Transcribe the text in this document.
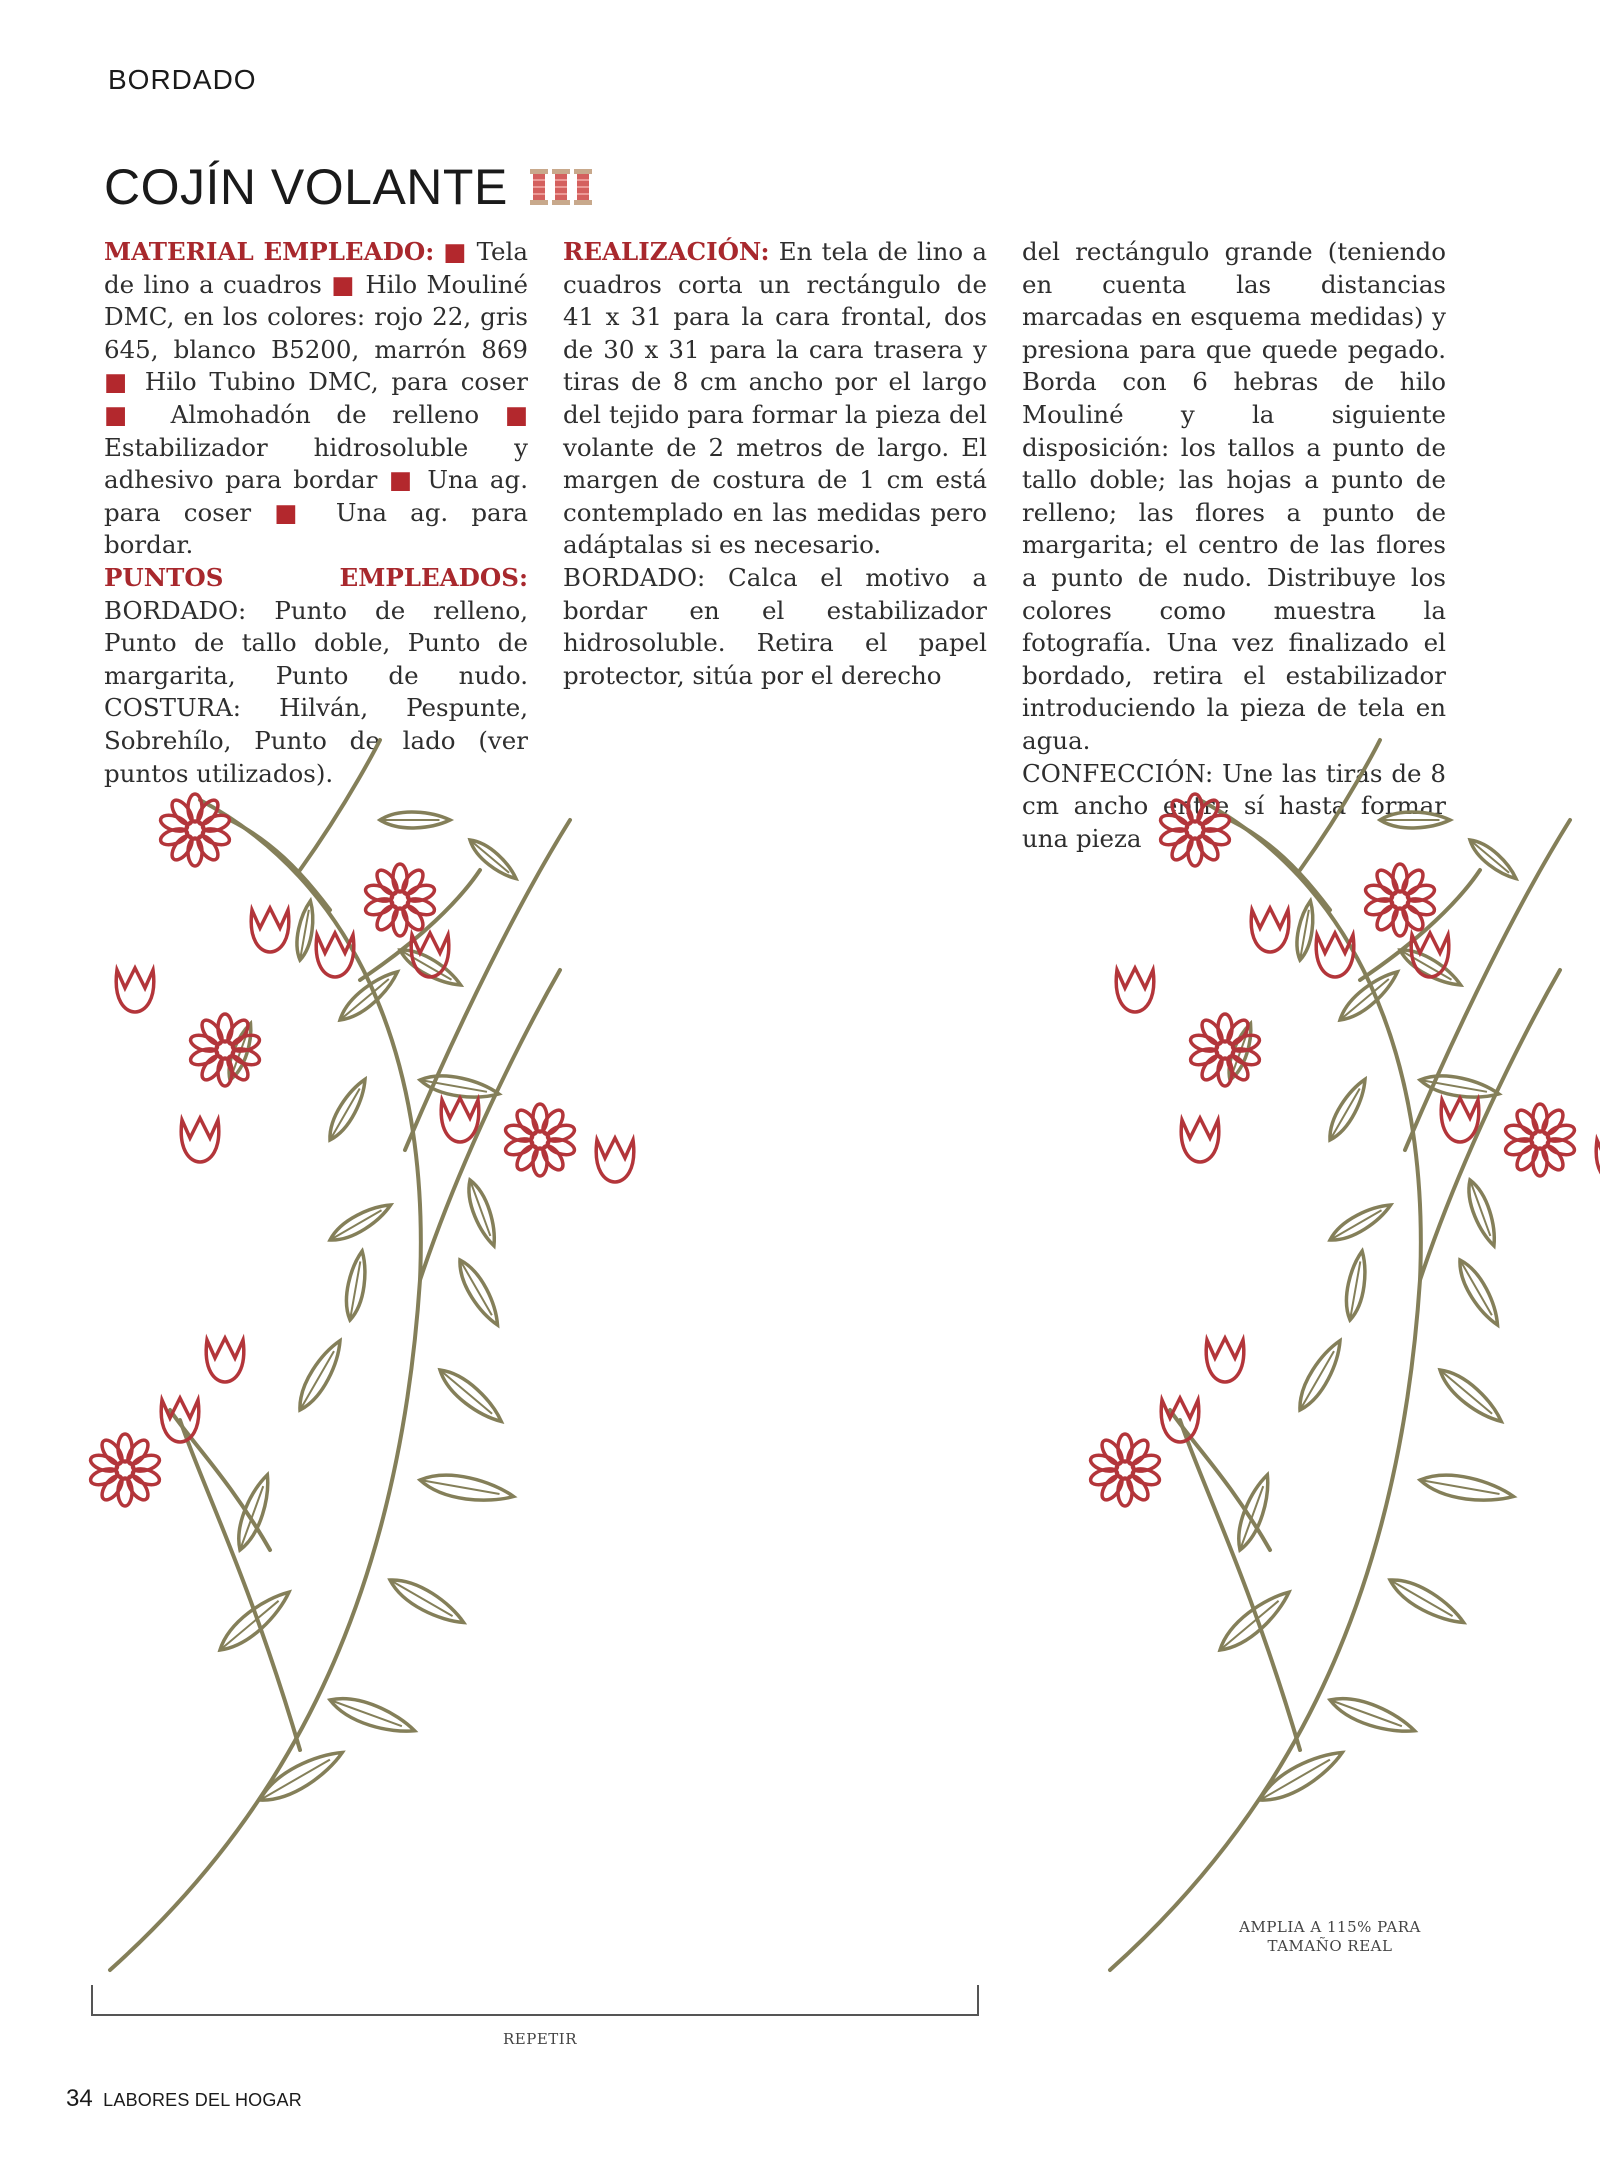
BORDADO
COJÍN VOLANTE
MATERIAL EMPLEADO: ■ Tela de lino a cuadros ■ Hilo Mouliné DMC, en los colores: rojo 22, gris 645, blanco B5200, marrón 869 ■ Hilo Tubino DMC, para coser ■ Almohadón de relleno ■ Estabilizador hidrosoluble y adhesivo para bordar ■ Una ag. para coser ■ Una ag. para bordar.
PUNTOS EMPLEADOS: BORDADO: Punto de relleno, Punto de tallo doble, Punto de margarita, Punto de nudo. COSTURA: Hilván, Pespunte, Sobrehílo, Punto de lado (ver puntos utilizados).
REALIZACIÓN: En tela de lino a cuadros corta un rectángulo de 41 x 31 para la cara frontal, dos de 30 x 31 para la cara trasera y tiras de 8 cm ancho por el largo del tejido para formar la pieza del volante de 2 metros de largo. El margen de costura de 1 cm está contemplado en las medidas pero adáptalas si es necesario.
BORDADO: Calca el motivo a bordar en el estabilizador hidrosoluble. Retira el papel protector, sitúa por el derecho

del rectángulo grande (teniendo en cuenta las distancias marcadas en esquema medidas) y presiona para que quede pegado. Borda con 6 hebras de hilo Mouliné y la siguiente disposición: los tallos a punto de tallo doble; las hojas a punto de relleno; las flores a punto de margarita; el centro de las flores a punto de nudo. Distribuye los colores como muestra la fotografía. Una vez finalizado el bordado, retira el estabilizador introduciendo la pieza de tela en agua.
CONFECCIÓN: Une las tiras de 8 cm ancho entre sí hasta formar una pieza
AMPLIA A 115% PARA TAMAÑO REAL
REPETIR
34 LABORES DEL HOGAR
